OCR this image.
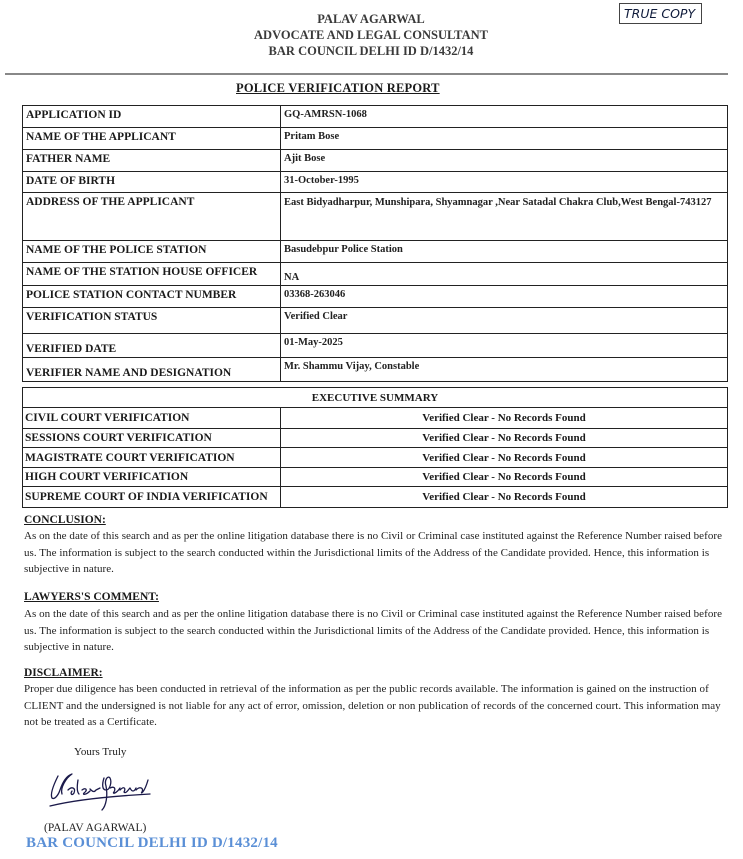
PALAV AGARWAL
ADVOCATE AND LEGAL CONSULTANT
BAR COUNCIL DELHI ID D/1432/14
TRUE COPY
POLICE VERIFICATION REPORT
APPLICATION ID	GQ-AMRSN-1068
NAME OF THE APPLICANT	Pritam Bose
FATHER NAME	Ajit Bose
DATE OF BIRTH	31-October-1995
ADDRESS OF THE APPLICANT	East Bidyadharpur, Munshipara, Shyamnagar ,Near Satadal Chakra Club,West Bengal-743127
NAME OF THE POLICE STATION	Basudebpur Police Station
NAME OF THE STATION HOUSE OFFICER	NA
POLICE STATION CONTACT NUMBER	03368-263046
VERIFICATION STATUS	Verified Clear
VERIFIED DATE	01-May-2025
VERIFIER NAME AND DESIGNATION	Mr. Shammu Vijay, Constable
EXECUTIVE SUMMARY	
CIVIL COURT VERIFICATION	Verified Clear - No Records Found
SESSIONS COURT VERIFICATION	Verified Clear - No Records Found
MAGISTRATE COURT VERIFICATION	Verified Clear - No Records Found
HIGH COURT VERIFICATION	Verified Clear - No Records Found
SUPREME COURT OF INDIA VERIFICATION	Verified Clear - No Records Found
CONCLUSION:
As on the date of this search and as per the online litigation database there is no Civil or Criminal case instituted against the Reference Number raised before us. The information is subject to the search conducted within the Jurisdictional limits of the Address of the Candidate provided. Hence, this information is subjective in nature.
LAWYERS'S COMMENT:
As on the date of this search and as per the online litigation database there is no Civil or Criminal case instituted against the Reference Number raised before us. The information is subject to the search conducted within the Jurisdictional limits of the Address of the Candidate provided. Hence, this information is subjective in nature.
DISCLAIMER:
Proper due diligence has been conducted in retrieval of the information as per the public records available. The information is gained on the instruction of CLIENT and the undersigned is not liable for any act of error, omission, deletion or non publication of records of the concerned court. This information may not be treated as a Certificate.
Yours Truly
(PALAV AGARWAL)
BAR COUNCIL DELHI ID D/1432/14
